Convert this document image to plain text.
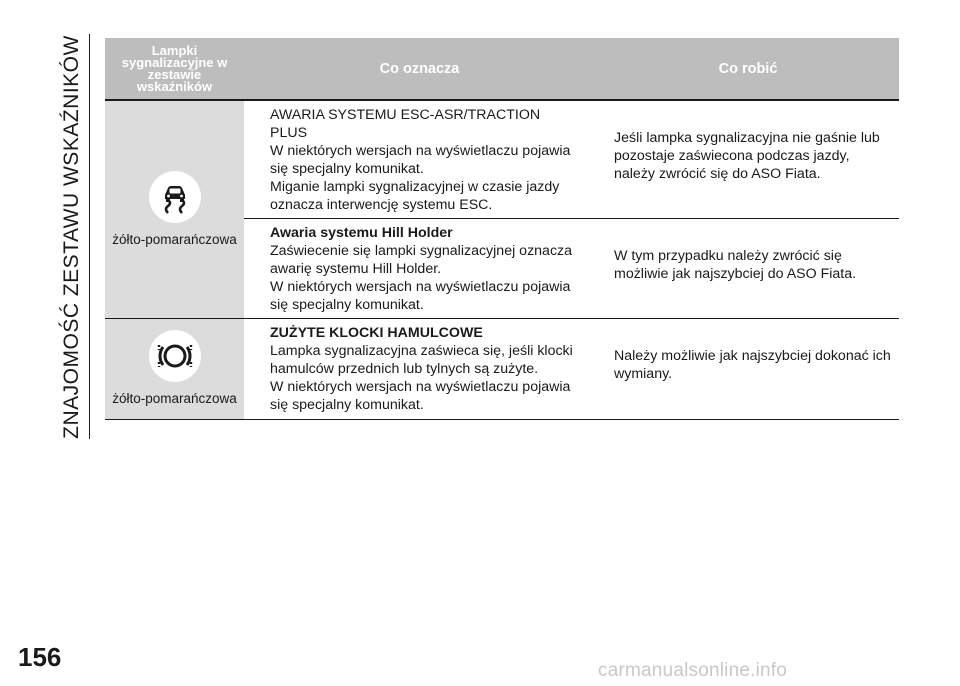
ZNAJOMOŚĆ ZESTAWU WSKAŹNIKÓW	Lampki sygnalizacyjne w zestawie wskaźników		Co oznacza		Co robić

żółto-pomarańczowa		AWARIA SYSTEMU ESC-ASR/TRACTION PLUS
W niektórych wersjach na wyświetlaczu pojawia się specjalny komunikat.
Miganie lampki sygnalizacyjnej w czasie jazdy oznacza interwencję systemu ESC.		Jeśli lampka sygnalizacyjna nie gaśnie lub pozostaje zaświecona podczas jazdy, należy zwrócić się do ASO Fiata.

		Awaria systemu Hill Holder
Zaświecenie się lampki sygnalizacyjnej oznacza awarię systemu Hill Holder.
W niektórych wersjach na wyświetlaczu pojawia się specjalny komunikat.		W tym przypadku należy zwrócić się możliwie jak najszybciej do ASO Fiata.

żółto-pomarańczowa		ZUŻYTE KLOCKI HAMULCOWE
Lampka sygnalizacyjna zaświeca się, jeśli klocki hamulców przednich lub tylnych są zużyte.
W niektórych wersjach na wyświetlaczu pojawia się specjalny komunikat.		Należy możliwie jak najszybciej dokonać ich wymiany.
156	carmanualsonline.info
